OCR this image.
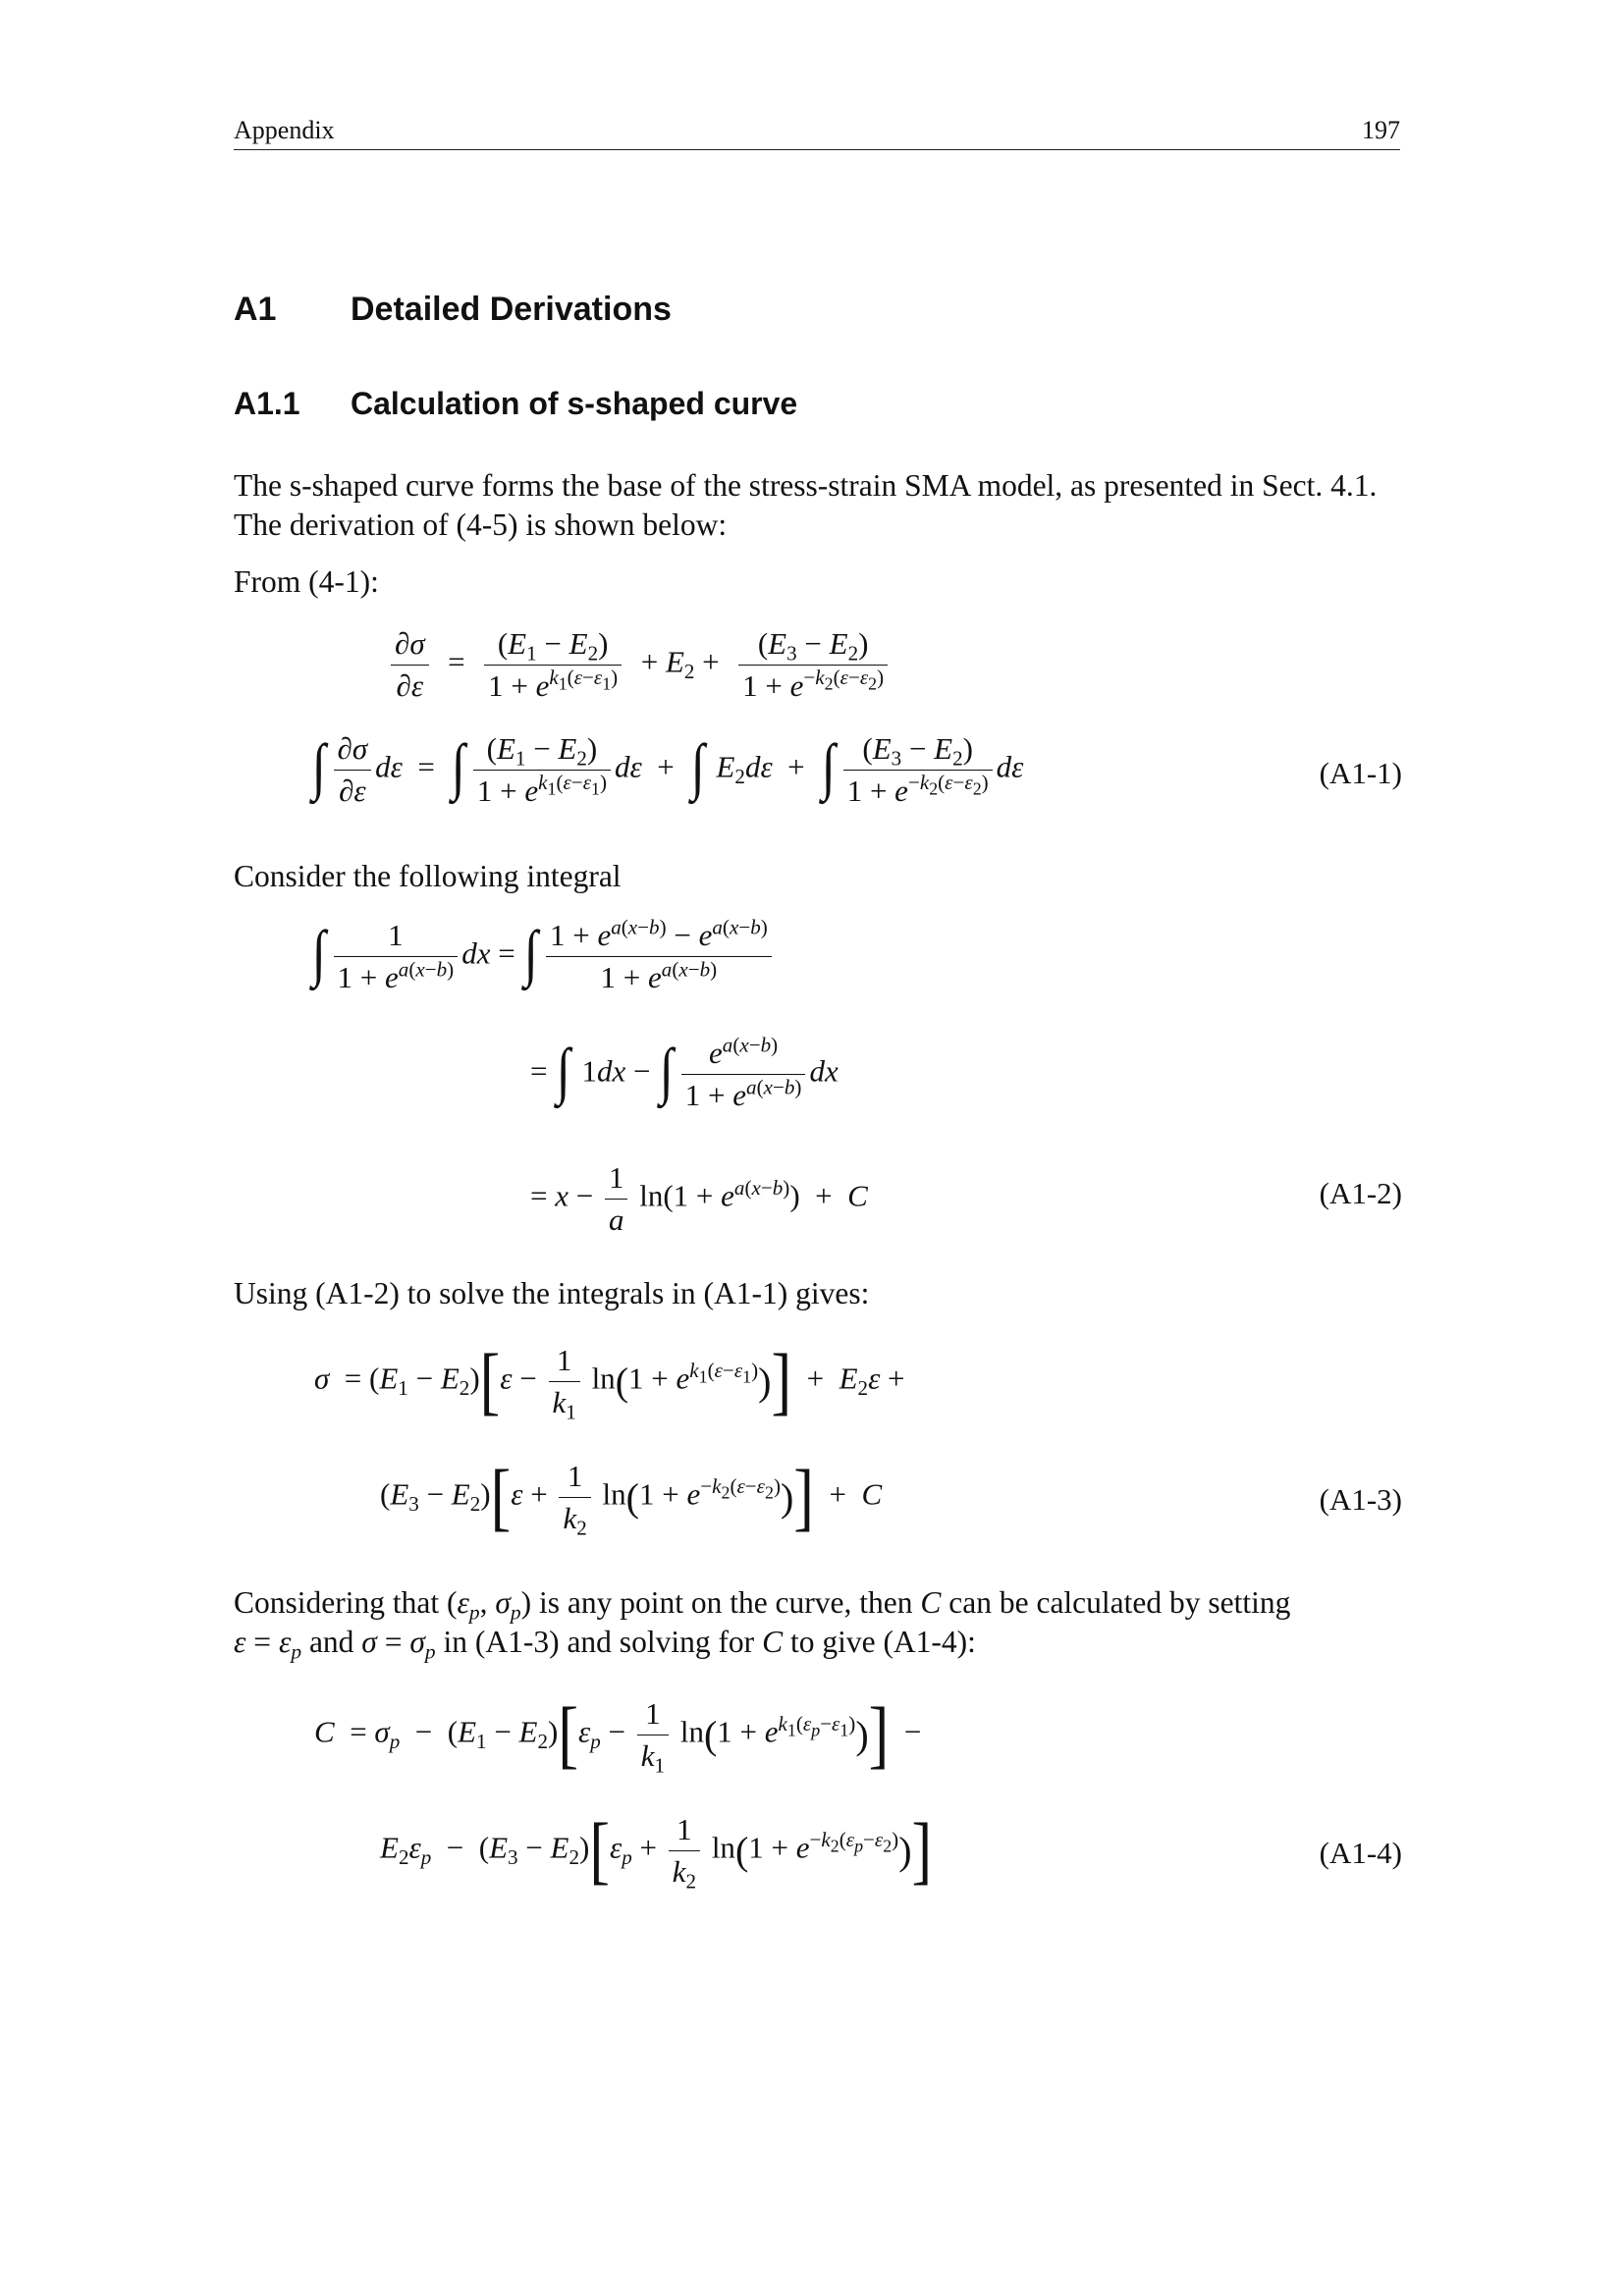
Appendix	197
A1 Detailed Derivations
A1.1 Calculation of s-shaped curve
The s-shaped curve forms the base of the stress-strain SMA model, as presented in Sect. 4.1. The derivation of (4-5) is shown below:
From (4-1):
$\frac{\partial\sigma}{\partial\varepsilon} = \frac{(E_1 - E_2)}{1 + e^{k_1(\varepsilon-\varepsilon_1)}} + E_2 + \frac{(E_3 - E_2)}{1 + e^{-k_2(\varepsilon-\varepsilon_2)}}$
∫ $\frac{\partial\sigma}{\partial\varepsilon}$ dε  =  ∫ $\frac{(E_1 - E_2)}{1 + e^{k_1(\varepsilon-\varepsilon_1)}}$ dε  +  ∫ $E_2d\varepsilon$  +  ∫ $\frac{(E_3 - E_2)}{1 + e^{-k_2(\varepsilon-\varepsilon_2)}}$ dε	(A1-1)
Consider the following integral
∫ $\frac{1}{1 + e^{a(x-b)}}$ dx = ∫ $\frac{1 + e^{a(x-b)} - e^{a(x-b)}}{1 + e^{a(x-b)}}$
= ∫ 1dx − ∫ $\frac{e^{a(x-b)}}{1 + e^{a(x-b)}}$ dx
= $x - \frac{1}{a} \ln(1 + e^{a(x-b)}) + C$	(A1-2)
Using (A1-2) to solve the integrals in (A1-1) gives:
$\sigma = (E_1 - E_2)[\varepsilon - \frac{1}{k_1} \ln(1 + e^{k_1(\varepsilon-\varepsilon_1)})] + E_2\varepsilon$ +
$(E_3 - E_2)[\varepsilon + \frac{1}{k_2} \ln(1 + e^{-k_2(\varepsilon-\varepsilon_2)})] + C$	(A1-3)
Considering that ($\varepsilon_p$, $\sigma_p$) is any point on the curve, then C can be calculated by setting
$\varepsilon = \varepsilon_p$ and $\sigma = \sigma_p$ in (A1-3) and solving for C to give (A1-4):
$C = \sigma_p - (E_1 - E_2)[\varepsilon_p - \frac{1}{k_1} \ln(1 + e^{k_1(\varepsilon_p-\varepsilon_1)})]$  −
$E_2\varepsilon_p - (E_3 - E_2)[\varepsilon_p + \frac{1}{k_2} \ln(1 + e^{-k_2(\varepsilon_p-\varepsilon_2)})]$	(A1-4)
